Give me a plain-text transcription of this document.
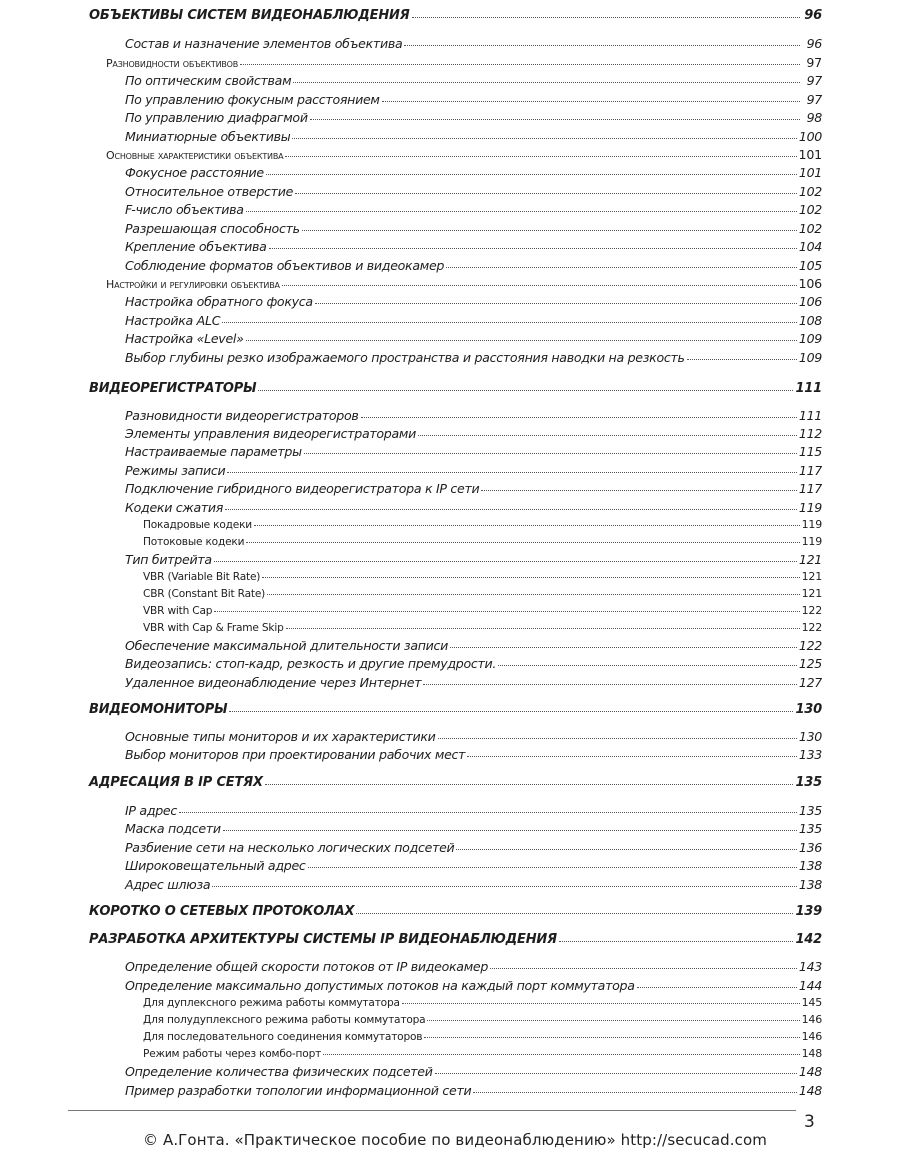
ОБЪЕКТИВЫ СИСТЕМ ВИДЕОНАБЛЮДЕНИЯ	96
Состав и назначение элементов объектива	96
Разновидности объективов	97
По оптическим свойствам	97
По управлению фокусным расстоянием	97
По управлению диафрагмой	98
Миниатюрные объективы	100
Основные характеристики объектива	101
Фокусное расстояние	101
Относительное отверстие	102
F-число объектива	102
Разрешающая способность	102
Крепление объектива	104
Соблюдение форматов объективов и видеокамер	105
Настройки и регулировки объектива	106
Настройка обратного фокуса	106
Настройка ALC	108
Настройка «Level»	109
Выбор глубины резко изображаемого пространства и расстояния наводки на резкость	109
ВИДЕОРЕГИСТРАТОРЫ	111
Разновидности видеорегистраторов	111
Элементы управления видеорегистраторами	112
Настраиваемые параметры	115
Режимы записи	117
Подключение гибридного видеорегистратора к IP сети	117
Кодеки сжатия	119
Покадровые кодеки	119
Потоковые кодеки	119
Тип битрейта	121
VBR (Variable Bit Rate)	121
CBR (Constant Bit Rate)	121
VBR with Cap	122
VBR with Cap & Frame Skip	122
Обеспечение максимальной длительности записи	122
Видеозапись: стоп-кадр, резкость и другие премудрости.	125
Удаленное видеонаблюдение через Интернет	127
ВИДЕОМОНИТОРЫ	130
Основные типы мониторов и их характеристики	130
Выбор мониторов при проектировании рабочих мест	133
АДРЕСАЦИЯ В IP СЕТЯХ	135
IP адрес	135
Маска подсети	135
Разбиение сети на несколько логических подсетей	136
Широковещательный адрес	138
Адрес шлюза	138
КОРОТКО О СЕТЕВЫХ ПРОТОКОЛАХ	139
РАЗРАБОТКА АРХИТЕКТУРЫ СИСТЕМЫ IP ВИДЕОНАБЛЮДЕНИЯ	142
Определение общей скорости потоков от IP видеокамер	143
Определение максимально допустимых потоков на каждый порт коммутатора	144
Для дуплексного режима работы коммутатора	145
Для полудуплексного режима работы коммутатора	146
Для последовательного соединения коммутаторов	146
Режим работы через комбо-порт	148
Определение количества физических подсетей	148
Пример разработки топологии информационной сети	148
3
© А.Гонта. «Практическое пособие по видеонаблюдению» http://secucad.com
